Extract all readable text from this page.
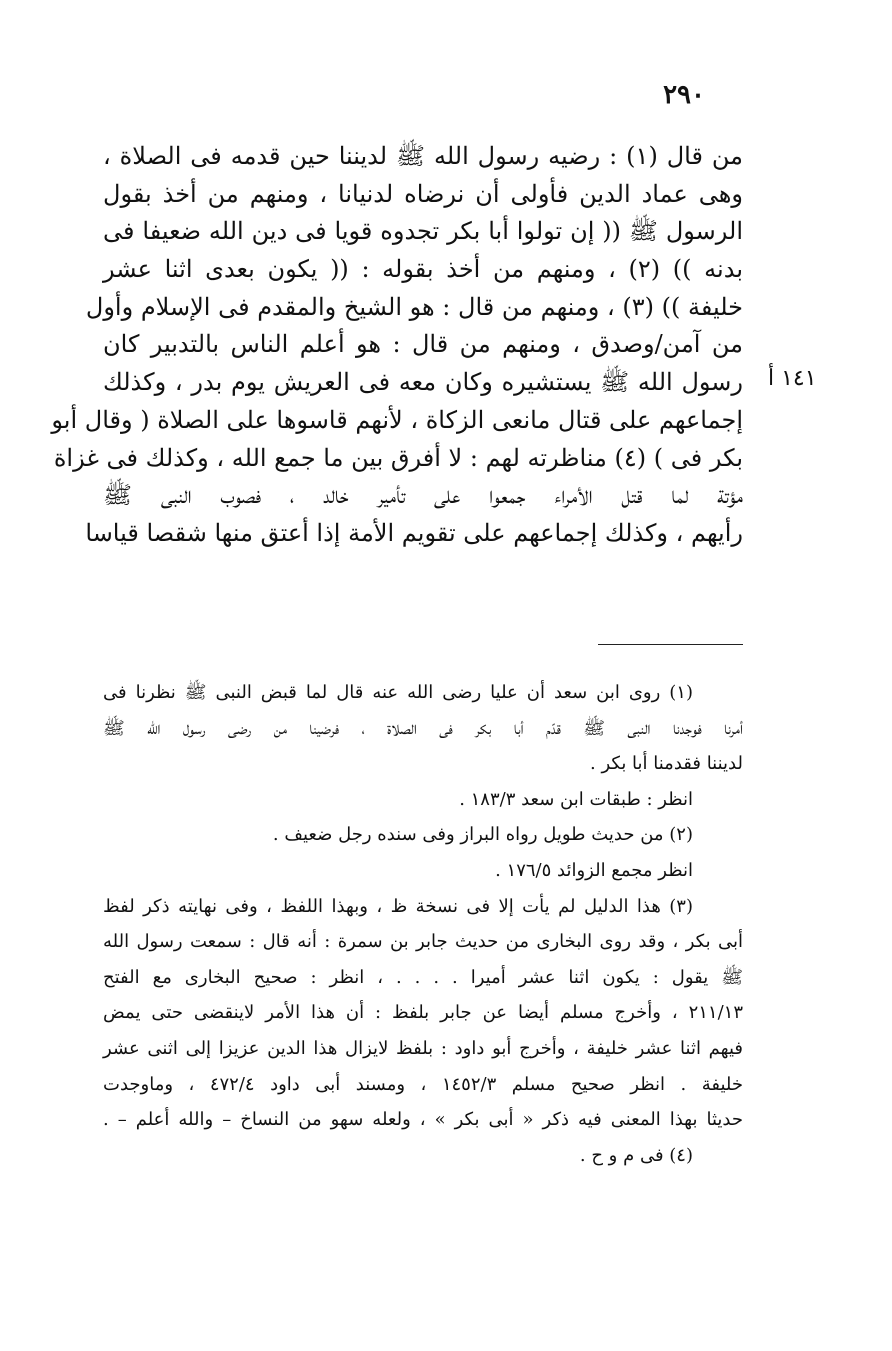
٢٩٠
١٤١ أ
من قال (١) : رضيه رسول الله ﷺ لديننا حين قدمه فى الصلاة ،
وهى عماد الدين فأولى أن نرضاه لدنيانا ، ومنهم من أخذ بقول
الرسول ﷺ (( إن تولوا أبا بكر تجدوه قويا فى دين الله ضعيفا فى
بدنه )) (٢) ، ومنهم من أخذ بقوله : (( يكون بعدى اثنا عشر
خليفة )) (٣) ، ومنهم من قال : هو الشيخ والمقدم فى الإسلام وأول
من آمن/وصدق ، ومنهم من قال : هو أعلم الناس بالتدبير كان
رسول الله ﷺ يستشيره وكان معه فى العريش يوم بدر ، وكذلك
إجماعهم على قتال مانعى الزكاة ، لأنهم قاسوها على الصلاة ( وقال أبو
بكر فى ) (٤) مناظرته لهم : لا أفرق بين ما جمع الله ، وكذلك فى غزاة
مؤتة لما قتل الأمراء جمعوا على تأمير خالد ، فصوب النبى ﷺ
رأيهم ، وكذلك إجماعهم على تقويم الأمة إذا أعتق منها شقصا قياسا
(١) روى ابن سعد أن عليا رضى الله عنه قال لما قبض النبى ﷺ نظرنا فى
أمرنا فوجدنا النبى ﷺ قدّم أبا بكر فى الصلاة ، فرضينا من رضى رسول الله ﷺ
لديننا فقدمنا أبا بكر .
انظر : طبقات ابن سعد ١٨٣/٣ .
(٢) من حديث طويل رواه البراز وفى سنده رجل ضعيف .
انظر مجمع الزوائد ١٧٦/٥ .
(٣) هذا الدليل لم يأت إلا فى نسخة ظ ، وبهذا اللفظ ، وفى نهايته ذكر لفظ
أبى بكر ، وقد روى البخارى من حديث جابر بن سمرة : أنه قال : سمعت رسول الله
ﷺ يقول : يكون اثنا عشر أميرا . . . . ، انظر : صحيح البخارى مع الفتح
٢١١/١٣ ، وأخرج مسلم أيضا عن جابر بلفظ : أن هذا الأمر لاينقضى حتى يمض
فيهم اثنا عشر خليفة ، وأخرج أبو داود : بلفظ لايزال هذا الدين عزيزا إلى اثنى عشر
خليفة . انظر صحيح مسلم ١٤٥٢/٣ ، ومسند أبى داود ٤٧٢/٤ ، وماوجدت
حديثا بهذا المعنى فيه ذكر « أبى بكر » ، ولعله سهو من النساخ – والله أعلم – .
(٤) فى م و ح .
